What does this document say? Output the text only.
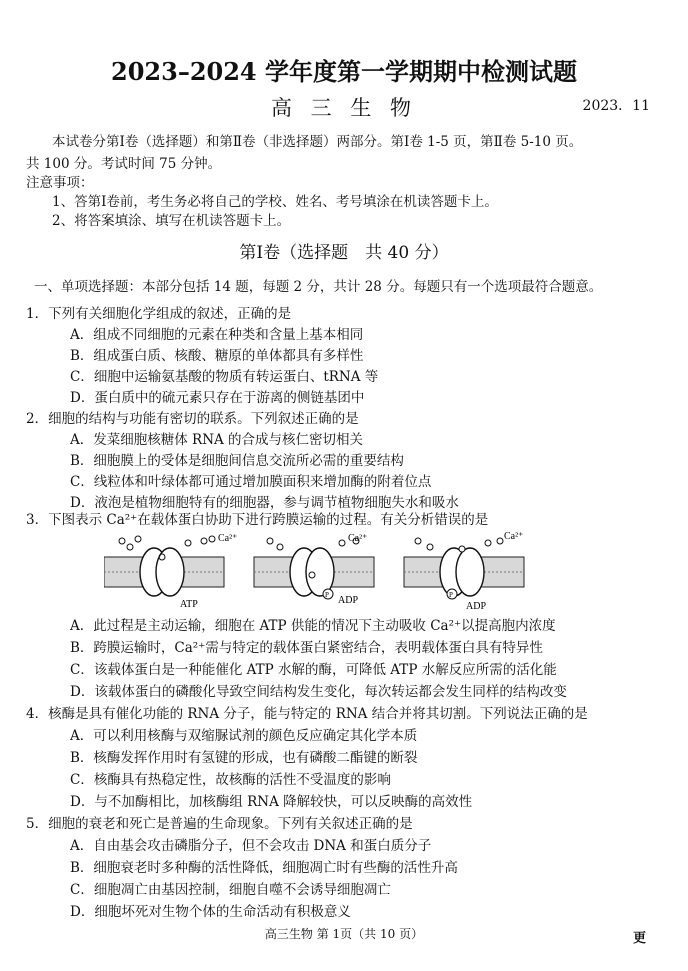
2023–2024 学年度第一学期期中检测试题
高 三 生 物	2023．11
本试卷分第Ⅰ卷（选择题）和第Ⅱ卷（非选择题）两部分。第Ⅰ卷 1-5 页，第Ⅱ卷 5-10 页。
共 100 分。考试时间 75 分钟。
注意事项：
1、答第Ⅰ卷前，考生务必将自己的学校、姓名、考号填涂在机读答题卡上。
2、将答案填涂、填写在机读答题卡上。
第Ⅰ卷（选择题　共 40 分）
一、单项选择题：本部分包括 14 题，每题 2 分，共计 28 分。每题只有一个选项最符合题意。
1．下列有关细胞化学组成的叙述，正确的是
A．组成不同细胞的元素在种类和含量上基本相同
B．组成蛋白质、核酸、糖原的单体都具有多样性
C．细胞中运输氨基酸的物质有转运蛋白、tRNA 等
D．蛋白质中的硫元素只存在于游离的侧链基团中
2．细胞的结构与功能有密切的联系。下列叙述正确的是
A．发菜细胞核糖体 RNA 的合成与核仁密切相关
B．细胞膜上的受体是细胞间信息交流所必需的重要结构
C．线粒体和叶绿体都可通过增加膜面积来增加酶的附着位点
D．液泡是植物细胞特有的细胞器，参与调节植物细胞失水和吸水
3．下图表示 Ca²⁺在载体蛋白协助下进行跨膜运输的过程。有关分析错误的是
Ca²⁺
ATP
P
Ca²⁺
ADP	P
Ca²⁺
ADP
A．此过程是主动运输，细胞在 ATP 供能的情况下主动吸收 Ca²⁺以提高胞内浓度
B．跨膜运输时，Ca²⁺需与特定的载体蛋白紧密结合，表明载体蛋白具有特异性
C．该载体蛋白是一种能催化 ATP 水解的酶，可降低 ATP 水解反应所需的活化能
D．该载体蛋白的磷酸化导致空间结构发生变化，每次转运都会发生同样的结构改变
4．核酶是具有催化功能的 RNA 分子，能与特定的 RNA 结合并将其切割。下列说法正确的是
A．可以利用核酶与双缩脲试剂的颜色反应确定其化学本质
B．核酶发挥作用时有氢键的形成，也有磷酸二酯键的断裂
C．核酶具有热稳定性，故核酶的活性不受温度的影响
D．与不加酶相比，加核酶组 RNA 降解较快，可以反映酶的高效性
5．细胞的衰老和死亡是普遍的生命现象。下列有关叙述正确的是
A．自由基会攻击磷脂分子，但不会攻击 DNA 和蛋白质分子
B．细胞衰老时多种酶的活性降低，细胞凋亡时有些酶的活性升高
C．细胞凋亡由基因控制，细胞自噬不会诱导细胞凋亡
D．细胞坏死对生物个体的生命活动有积极意义
高三生物 第 1页（共 10 页）	更
